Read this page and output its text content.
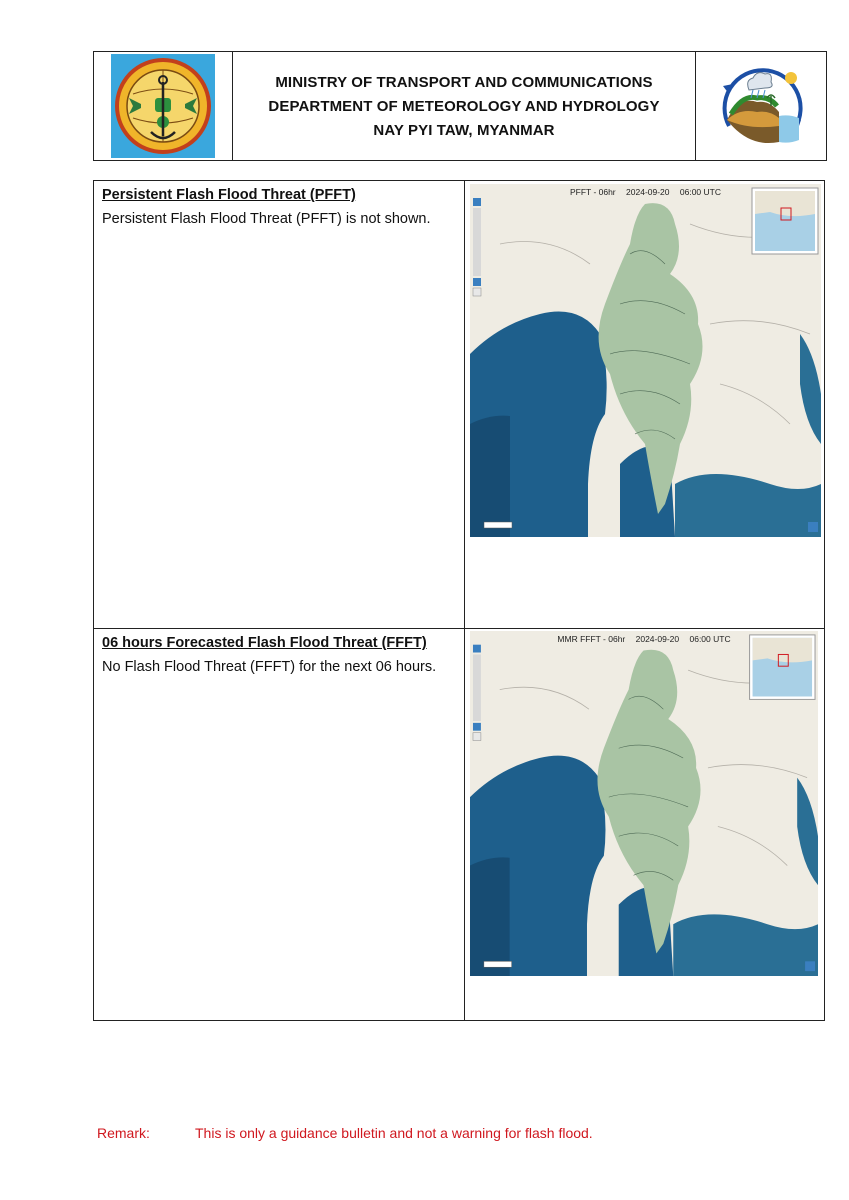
MINISTRY OF TRANSPORT AND COMMUNICATIONS
DEPARTMENT OF METEOROLOGY AND HYDROLOGY
NAY PYI TAW, MYANMAR
Persistent Flash Flood Threat (PFFT)
Persistent Flash Flood Threat (PFFT) is not shown.
PFFT - 06hr 2024-09-20 06:00 UTC
06 hours Forecasted Flash Flood Threat (FFFT)
No Flash Flood Threat (FFFT) for the next 06 hours.
MMR FFFT - 06hr 2024-09-20 06:00 UTC
Remark:	This is only a guidance bulletin and not a warning for flash flood.
